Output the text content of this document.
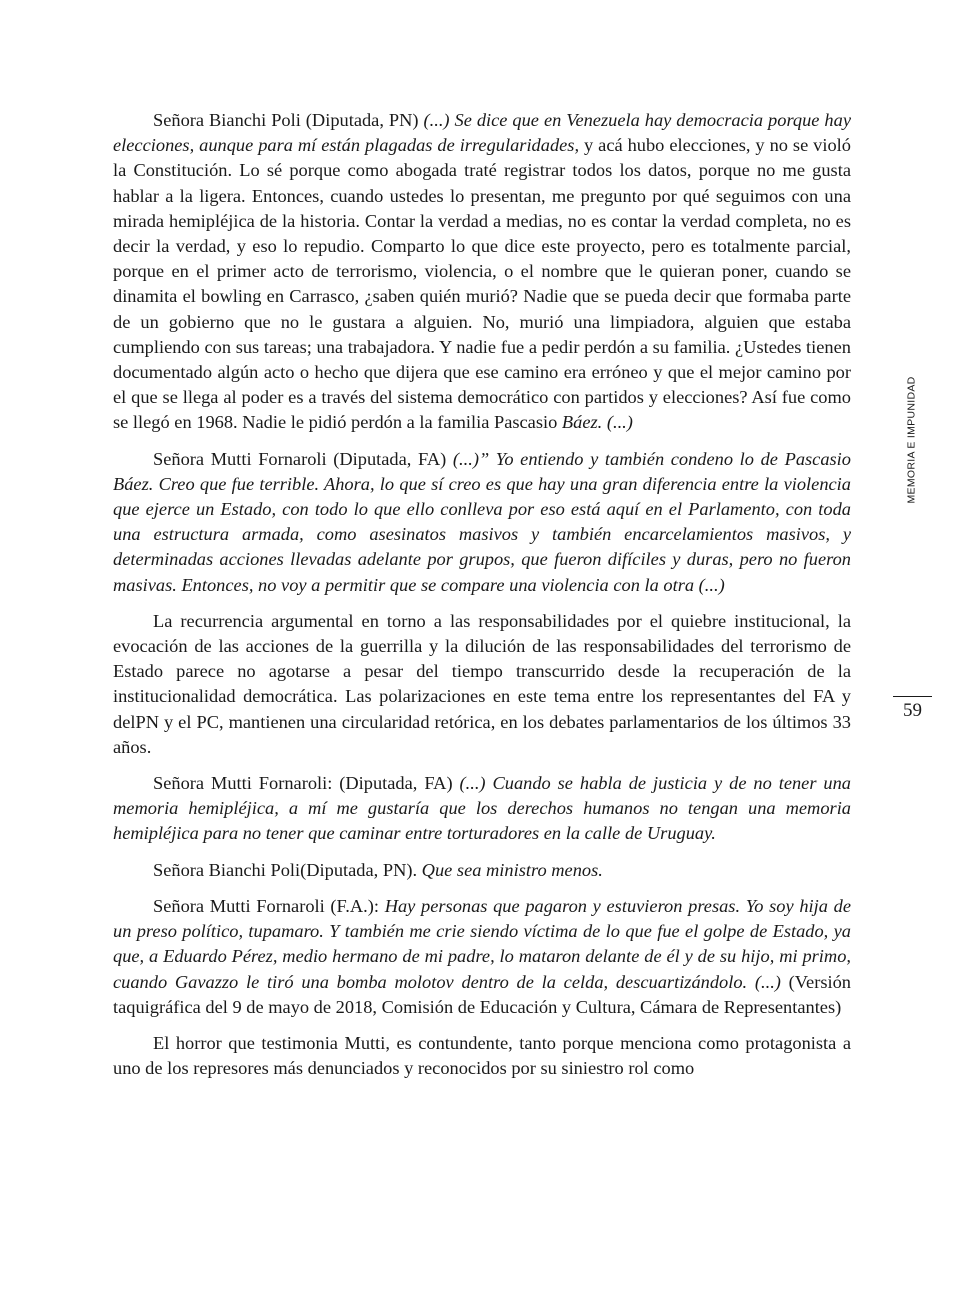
Señora Bianchi Poli (Diputada, PN) (...) Se dice que en Venezuela hay democracia porque hay elecciones, aunque para mí están plagadas de irregularidades, y acá hubo elecciones, y no se violó la Constitución. Lo sé porque como abogada traté registrar todos los datos, porque no me gusta hablar a la ligera. Entonces, cuando ustedes lo presentan, me pregunto por qué seguimos con una mirada hemipléjica de la historia. Contar la verdad a medias, no es contar la verdad completa, no es decir la verdad, y eso lo repudio. Comparto lo que dice este proyecto, pero es totalmente parcial, porque en el primer acto de terrorismo, violencia, o el nombre que le quieran poner, cuando se dinamita el bowling en Carrasco, ¿saben quién murió? Nadie que se pueda decir que formaba parte de un gobierno que no le gustara a alguien. No, murió una limpiadora, alguien que estaba cumpliendo con sus tareas; una trabajadora. Y nadie fue a pedir perdón a su familia. ¿Ustedes tienen documentado algún acto o hecho que dijera que ese camino era erróneo y que el mejor camino por el que se llega al poder es a través del sistema democrático con partidos y elecciones? Así fue como se llegó en 1968. Nadie le pidió perdón a la familia Pascasio Báez. (...)

Señora Mutti Fornaroli (Diputada, FA) (...)” Yo entiendo y también condeno lo de Pascasio Báez. Creo que fue terrible. Ahora, lo que sí creo es que hay una gran diferencia entre la violencia que ejerce un Estado, con todo lo que ello conlleva por eso está aquí en el Parlamento, con toda una estructura armada, como asesinatos masivos y también encarcelamientos masivos, y determinadas acciones llevadas adelante por grupos, que fueron difíciles y duras, pero no fueron masivas. Entonces, no voy a permitir que se compare una violencia con la otra (...)

La recurrencia argumental en torno a las responsabilidades por el quiebre institucional, la evocación de las acciones de la guerrilla y la dilución de las responsabilidades del terrorismo de Estado parece no agotarse a pesar del tiempo transcurrido desde la recuperación de la institucionalidad democrática. Las polarizaciones en este tema entre los representantes del FA y delPN y el PC, mantienen una circularidad retórica, en los debates parlamentarios de los últimos 33 años.

Señora Mutti Fornaroli: (Diputada, FA) (...) Cuando se habla de justicia y de no tener una memoria hemipléjica, a mí me gustaría que los derechos humanos no tengan una memoria hemipléjica para no tener que caminar entre torturadores en la calle de Uruguay.

Señora Bianchi Poli(Diputada, PN). Que sea ministro menos.

Señora Mutti Fornaroli (F.A.): Hay personas que pagaron y estuvieron presas. Yo soy hija de un preso político, tupamaro. Y también me crie siendo víctima de lo que fue el golpe de Estado, ya que, a Eduardo Pérez, medio hermano de mi padre, lo mataron delante de él y de su hijo, mi primo, cuando Gavazzo le tiró una bomba molotov dentro de la celda, descuartizándolo. (...) (Versión taquigráfica del 9 de mayo de 2018, Comisión de Educación y Cultura, Cámara de Representantes)

El horror que testimonia Mutti, es contundente, tanto porque menciona como protagonista a uno de los represores más denunciados y reconocidos por su siniestro rol como

MEMORIA E IMPUNIDAD
59
